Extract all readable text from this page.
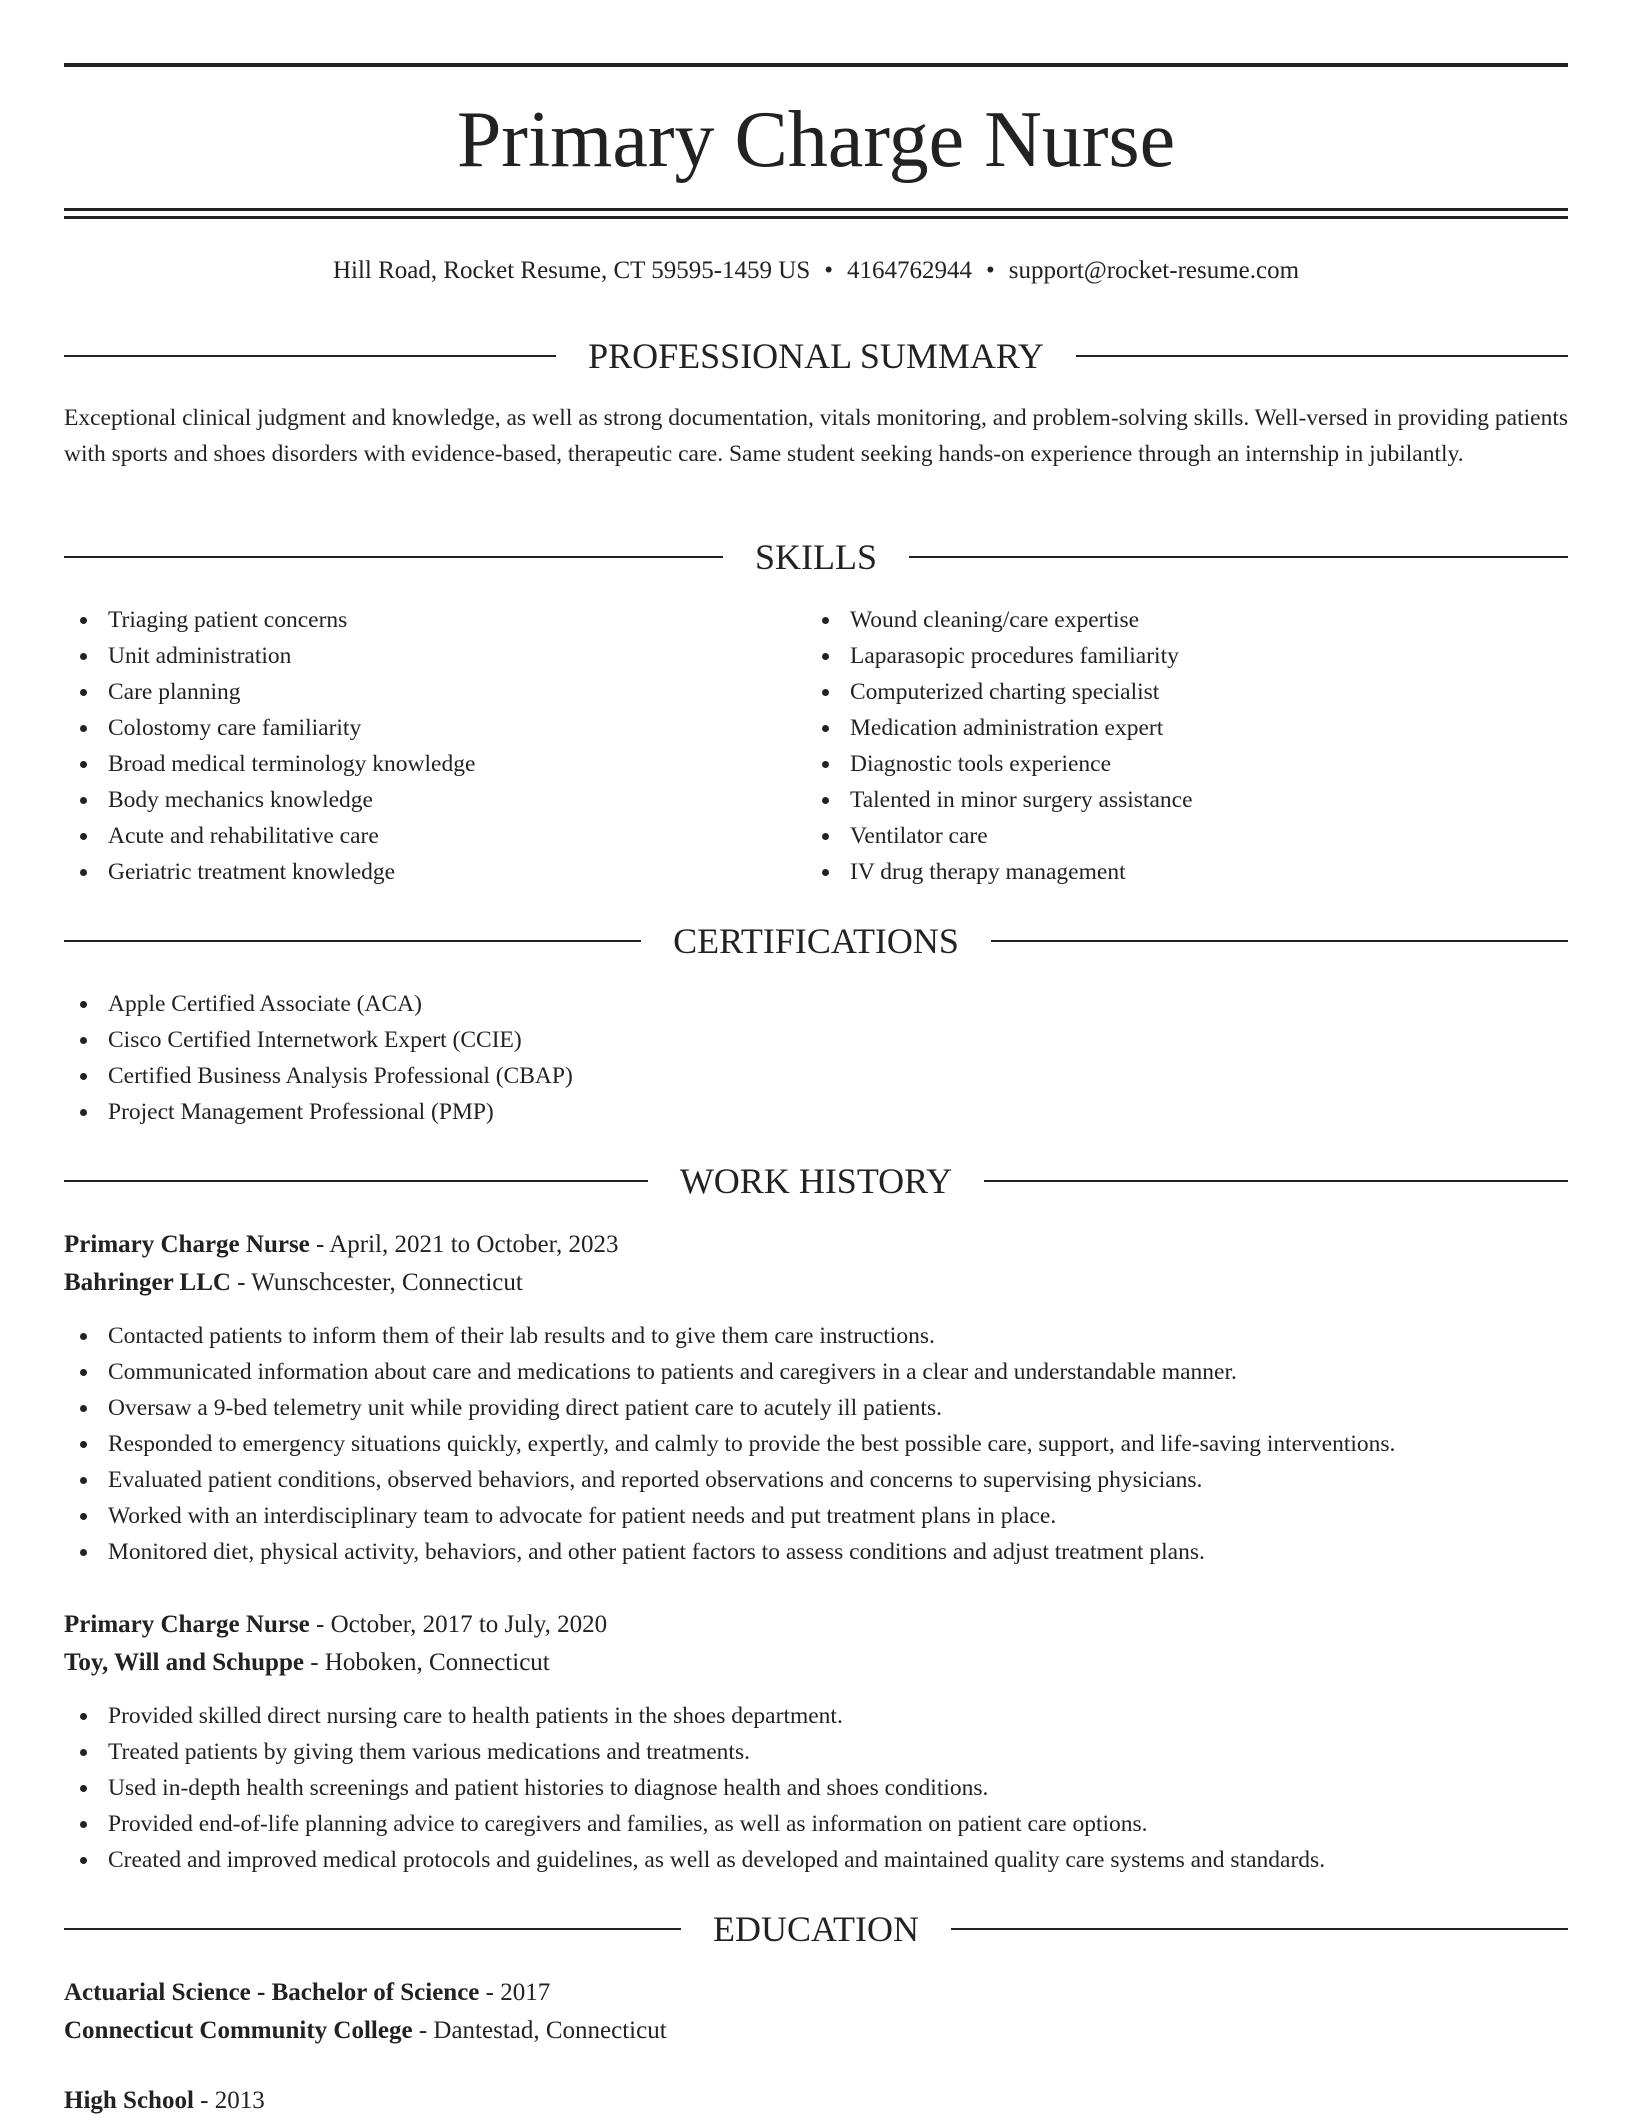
Primary Charge Nurse
Hill Road, Rocket Resume, CT 59595-1459 US • 4164762944 • support@rocket-resume.com
PROFESSIONAL SUMMARY
Exceptional clinical judgment and knowledge, as well as strong documentation, vitals monitoring, and problem-solving skills. Well-versed in providing patients with sports and shoes disorders with evidence-based, therapeutic care. Same student seeking hands-on experience through an internship in jubilantly.
SKILLS
Triaging patient concerns
Unit administration
Care planning
Colostomy care familiarity
Broad medical terminology knowledge
Body mechanics knowledge
Acute and rehabilitative care
Geriatric treatment knowledge
Wound cleaning/care expertise
Laparasopic procedures familiarity
Computerized charting specialist
Medication administration expert
Diagnostic tools experience
Talented in minor surgery assistance
Ventilator care
IV drug therapy management
CERTIFICATIONS
Apple Certified Associate (ACA)
Cisco Certified Internetwork Expert (CCIE)
Certified Business Analysis Professional (CBAP)
Project Management Professional (PMP)
WORK HISTORY
Primary Charge Nurse - April, 2021 to October, 2023
Bahringer LLC - Wunschcester, Connecticut
Contacted patients to inform them of their lab results and to give them care instructions.
Communicated information about care and medications to patients and caregivers in a clear and understandable manner.
Oversaw a 9-bed telemetry unit while providing direct patient care to acutely ill patients.
Responded to emergency situations quickly, expertly, and calmly to provide the best possible care, support, and life-saving interventions.
Evaluated patient conditions, observed behaviors, and reported observations and concerns to supervising physicians.
Worked with an interdisciplinary team to advocate for patient needs and put treatment plans in place.
Monitored diet, physical activity, behaviors, and other patient factors to assess conditions and adjust treatment plans.
Primary Charge Nurse - October, 2017 to July, 2020
Toy, Will and Schuppe - Hoboken, Connecticut
Provided skilled direct nursing care to health patients in the shoes department.
Treated patients by giving them various medications and treatments.
Used in-depth health screenings and patient histories to diagnose health and shoes conditions.
Provided end-of-life planning advice to caregivers and families, as well as information on patient care options.
Created and improved medical protocols and guidelines, as well as developed and maintained quality care systems and standards.
EDUCATION
Actuarial Science - Bachelor of Science - 2017
Connecticut Community College - Dantestad, Connecticut
High School - 2013
